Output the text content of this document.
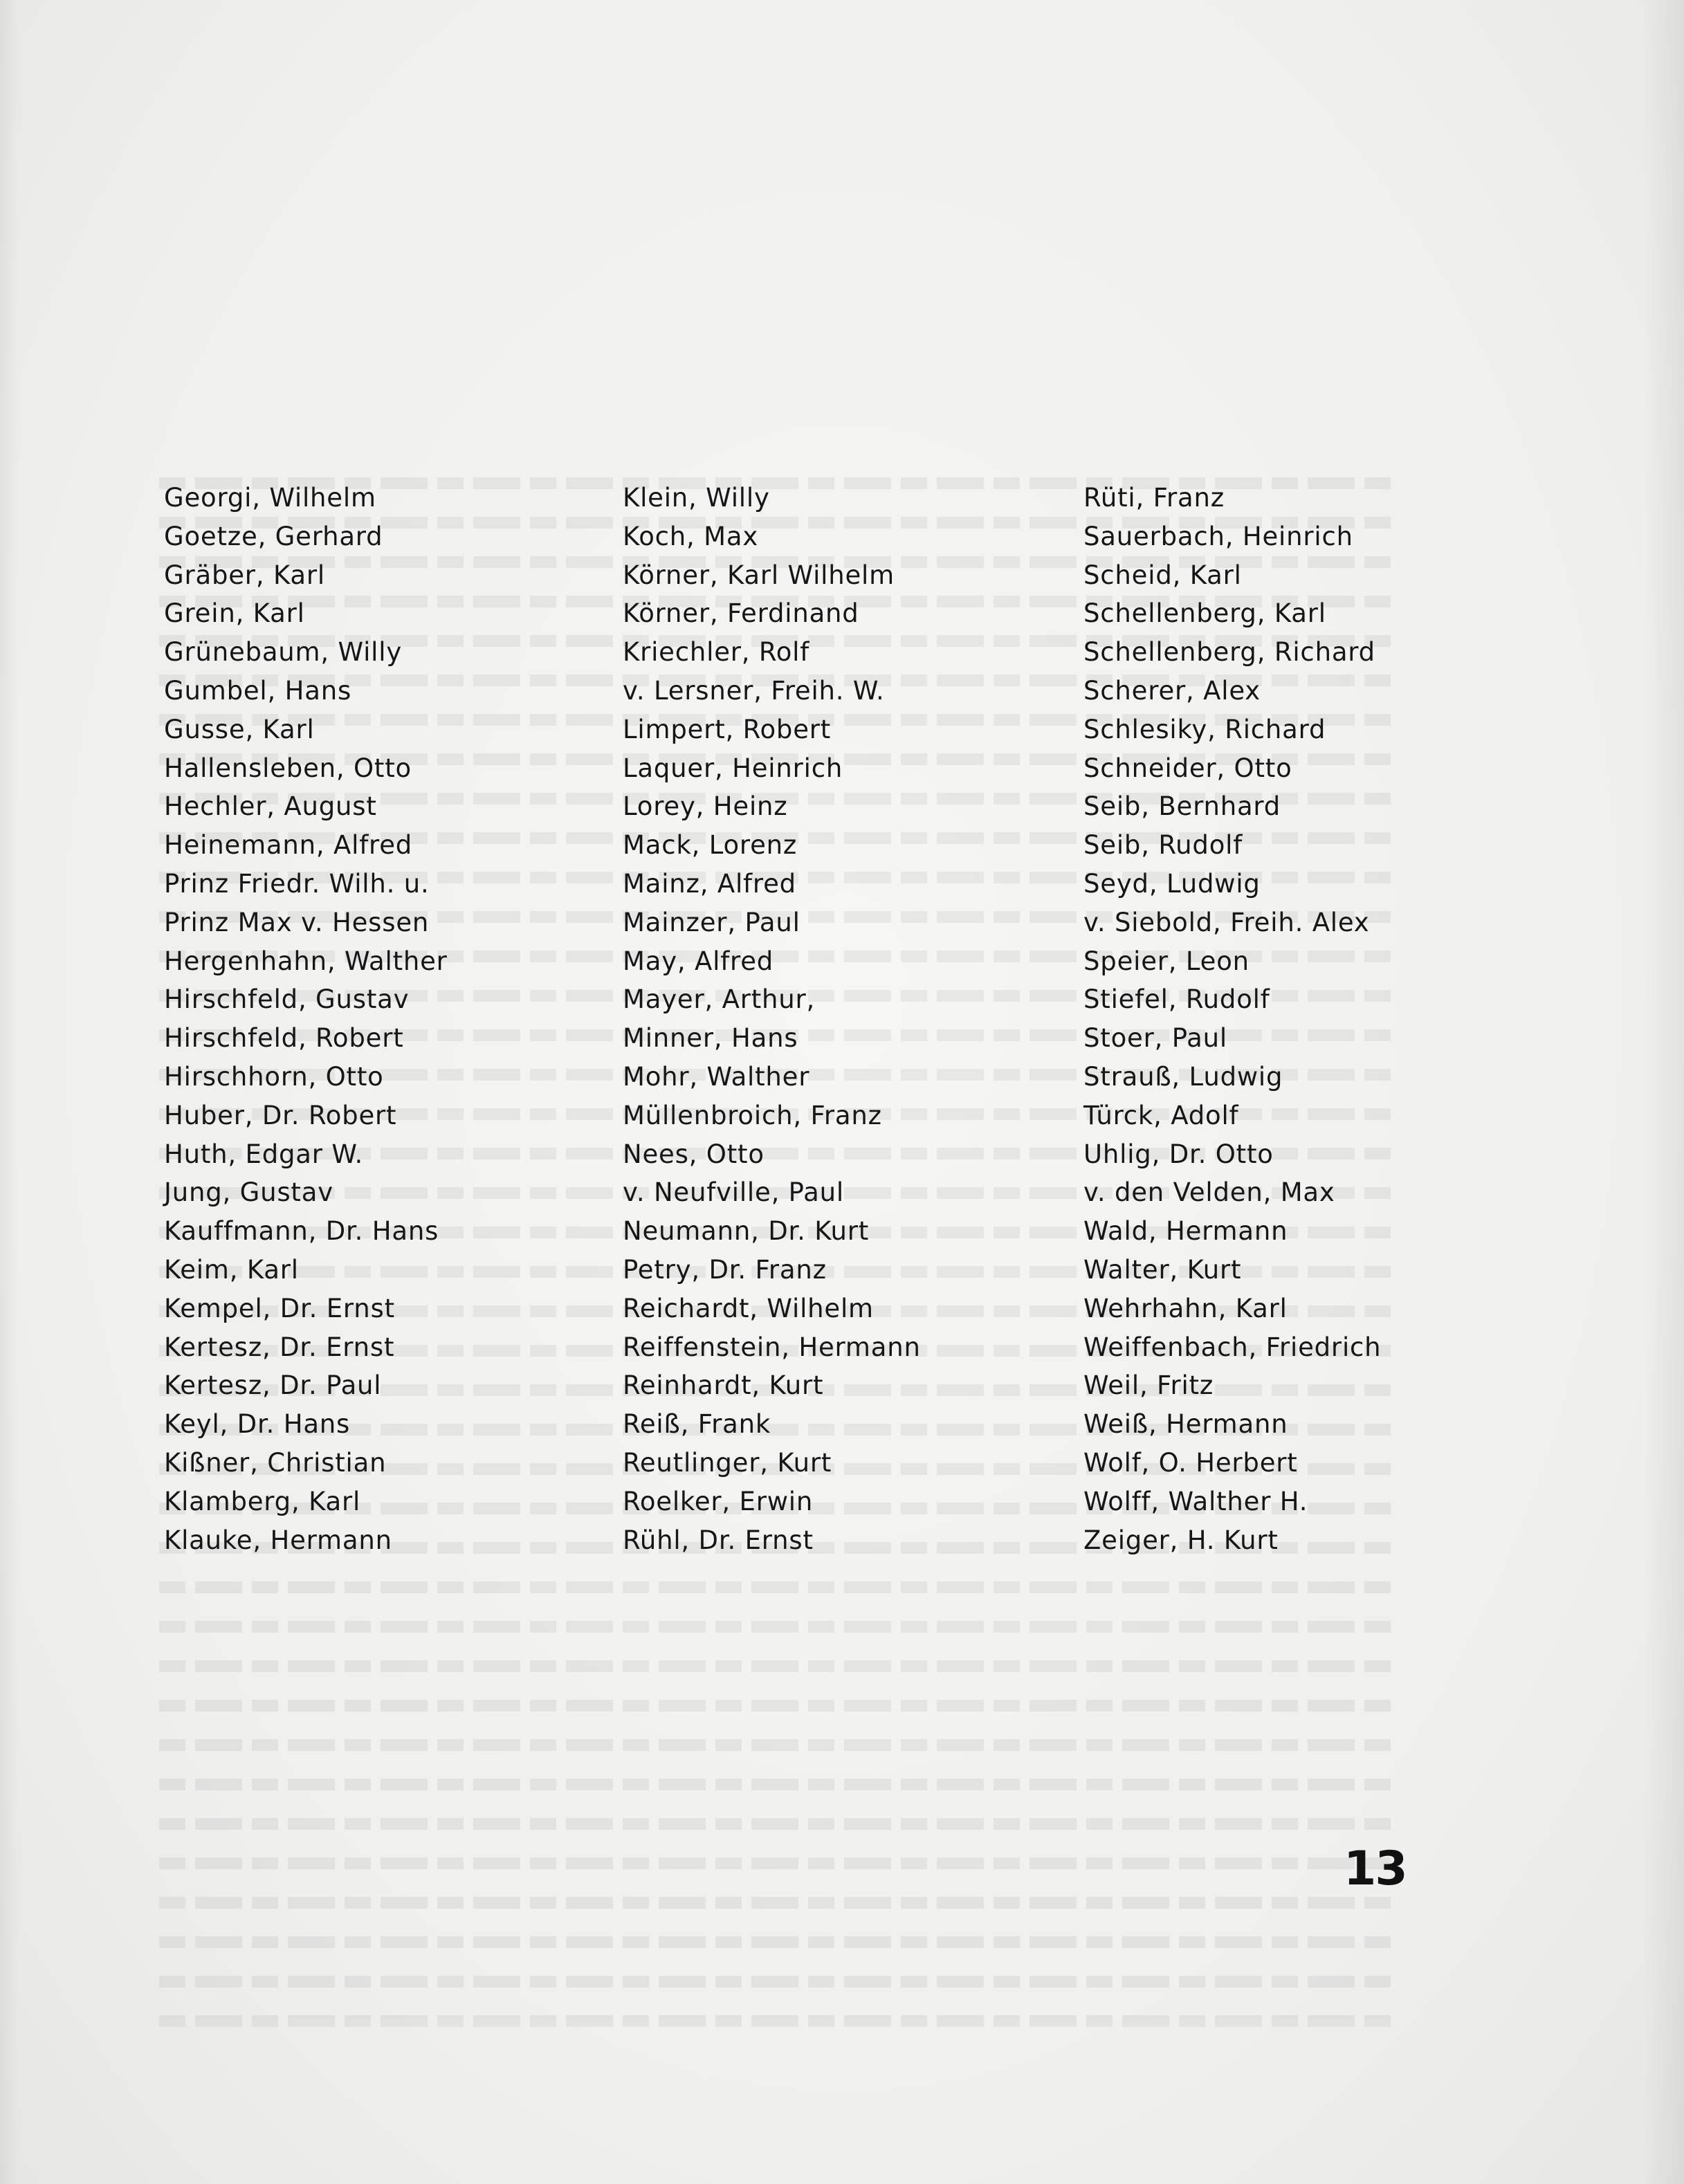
Georgi, Wilhelm
Goetze, Gerhard
Gräber, Karl
Grein, Karl
Grünebaum, Willy
Gumbel, Hans
Gusse, Karl
Hallensleben, Otto
Hechler, August
Heinemann, Alfred
Prinz Friedr. Wilh. u.
Prinz Max v. Hessen
Hergenhahn, Walther
Hirschfeld, Gustav
Hirschfeld, Robert
Hirschhorn, Otto
Huber, Dr. Robert
Huth, Edgar W.
Jung, Gustav
Kauffmann, Dr. Hans
Keim, Karl
Kempel, Dr. Ernst
Kertesz, Dr. Ernst
Kertesz, Dr. Paul
Keyl, Dr. Hans
Kißner, Christian
Klamberg, Karl
Klauke, Hermann
Klein, Willy
Koch, Max
Körner, Karl Wilhelm
Körner, Ferdinand
Kriechler, Rolf
v. Lersner, Freih. W.
Limpert, Robert
Laquer, Heinrich
Lorey, Heinz
Mack, Lorenz
Mainz, Alfred
Mainzer, Paul
May, Alfred
Mayer, Arthur,
Minner, Hans
Mohr, Walther
Müllenbroich, Franz
Nees, Otto
v. Neufville, Paul
Neumann, Dr. Kurt
Petry, Dr. Franz
Reichardt, Wilhelm
Reiffenstein, Hermann
Reinhardt, Kurt
Reiß, Frank
Reutlinger, Kurt
Roelker, Erwin
Rühl, Dr. Ernst
Rüti, Franz
Sauerbach, Heinrich
Scheid, Karl
Schellenberg, Karl
Schellenberg, Richard
Scherer, Alex
Schlesiky, Richard
Schneider, Otto
Seib, Bernhard
Seib, Rudolf
Seyd, Ludwig
v. Siebold, Freih. Alex
Speier, Leon
Stiefel, Rudolf
Stoer, Paul
Strauß, Ludwig
Türck, Adolf
Uhlig, Dr. Otto
v. den Velden, Max
Wald, Hermann
Walter, Kurt
Wehrhahn, Karl
Weiffenbach, Friedrich
Weil, Fritz
Weiß, Hermann
Wolf, O. Herbert
Wolff, Walther H.
Zeiger, H. Kurt
13
